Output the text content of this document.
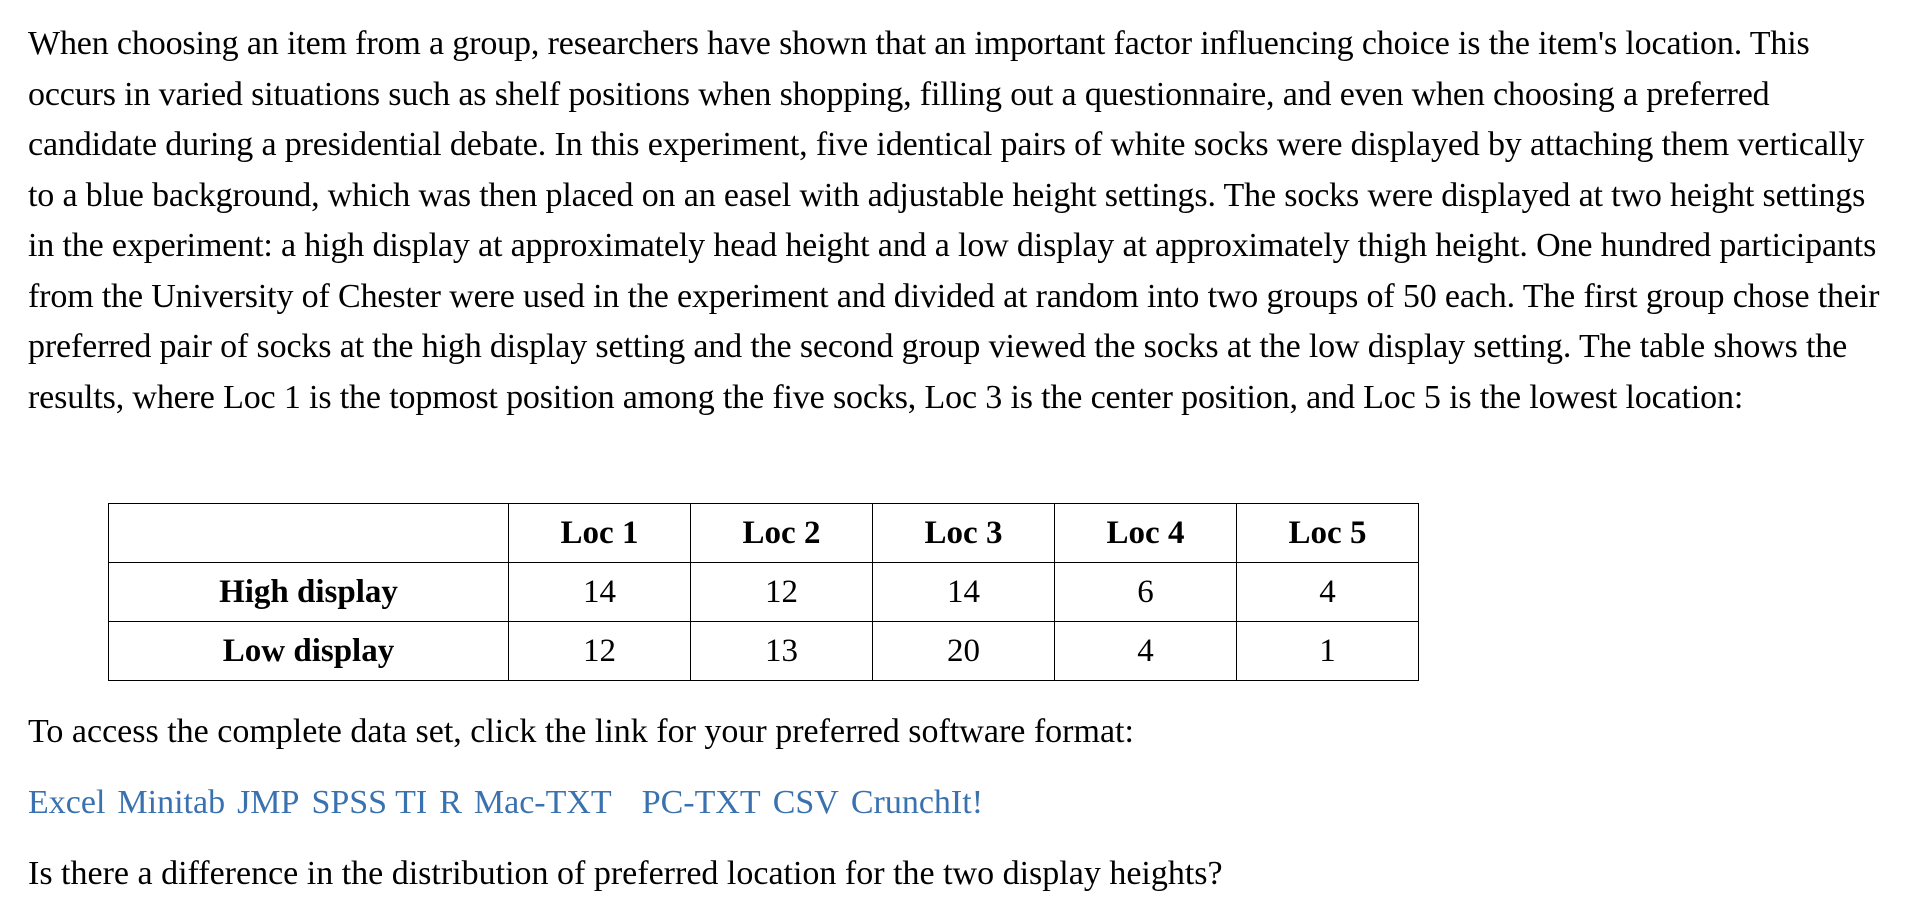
When choosing an item from a group, researchers have shown that an important factor influencing choice is the item's location. This occurs in varied situations such as shelf positions when shopping, filling out a questionnaire, and even when choosing a preferred candidate during a presidential debate. In this experiment, five identical pairs of white socks were displayed by attaching them vertically to a blue background, which was then placed on an easel with adjustable height settings. The socks were displayed at two height settings in the experiment: a high display at approximately head height and a low display at approximately thigh height. One hundred participants from the University of Chester were used in the experiment and divided at random into two groups of 50 each. The first group chose their preferred pair of socks at the high display setting and the second group viewed the socks at the low display setting. The table shows the results, where Loc 1 is the topmost position among the five socks, Loc 3 is the center position, and Loc 5 is the lowest location:

	Loc 1	Loc 2	Loc 3	Loc 4	Loc 5
High display	14	12	14	6	4
Low display	12	13	20	4	1

To access the complete data set, click the link for your preferred software format:

Excel Minitab JMP SPSS TI R Mac-TXT PC-TXT CSV CrunchIt!

Is there a difference in the distribution of preferred location for the two display heights?
